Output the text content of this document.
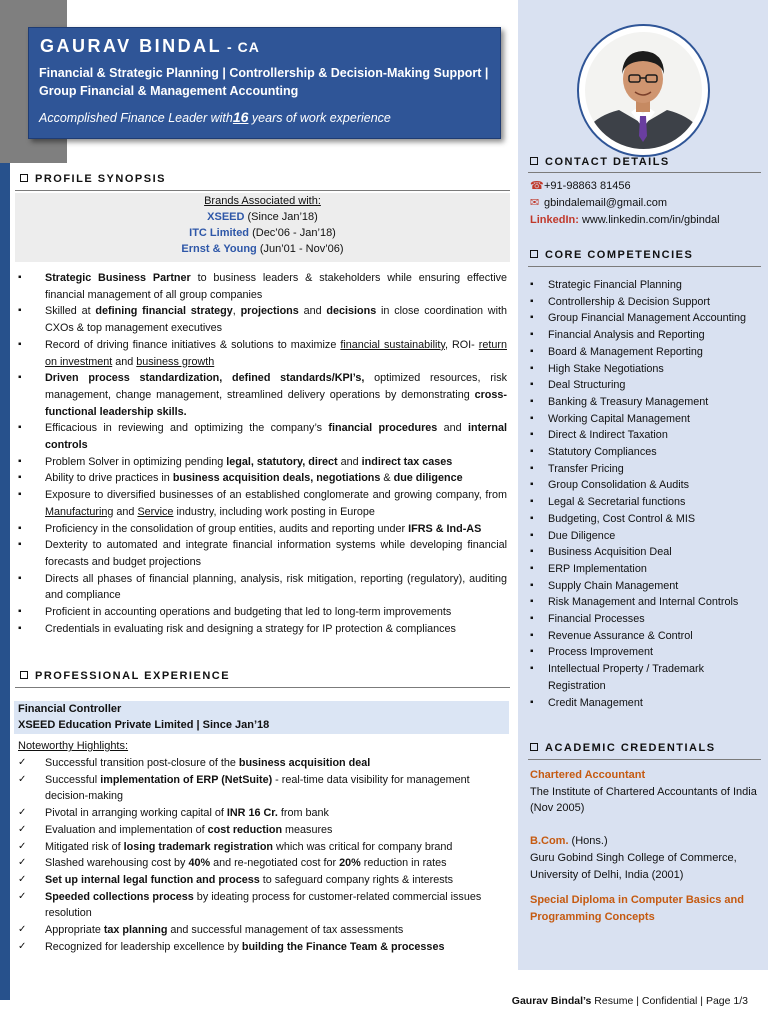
GAURAV BINDAL - CA
Financial & Strategic Planning | Controllership & Decision-Making Support | Group Financial & Management Accounting
Accomplished Finance Leader with16 years of work experience
PROFILE SYNOPSIS
Brands Associated with:
XSEED (Since Jan’18)
ITC Limited (Dec’06 - Jan’18)
Ernst & Young (Jun’01 - Nov’06)
▪ Strategic Business Partner to business leaders & stakeholders while ensuring effective financial management of all group companies
▪ Skilled at defining financial strategy, projections and decisions in close coordination with CXOs & top management executives
▪ Record of driving finance initiatives & solutions to maximize financial sustainability, ROI- return on investment and business growth
▪ Driven process standardization, defined standards/KPI’s, optimized resources, risk management, change management, streamlined delivery operations by demonstrating cross-functional leadership skills.
▪ Efficacious in reviewing and optimizing the company’s financial procedures and internal controls
▪ Problem Solver in optimizing pending legal, statutory, direct and indirect tax cases
▪ Ability to drive practices in business acquisition deals, negotiations & due diligence
▪ Exposure to diversified businesses of an established conglomerate and growing company, from Manufacturing and Service industry, including work posting in Europe
▪ Proficiency in the consolidation of group entities, audits and reporting under IFRS & Ind-AS
▪ Dexterity to automated and integrate financial information systems while developing financial forecasts and budget projections
▪ Directs all phases of financial planning, analysis, risk mitigation, reporting (regulatory), auditing and compliance
▪ Proficient in accounting operations and budgeting that led to long-term improvements
▪ Credentials in evaluating risk and designing a strategy for IP protection & compliances
PROFESSIONAL EXPERIENCE
Financial Controller
XSEED Education Private Limited | Since Jan’18
Noteworthy Highlights:
✓ Successful transition post-closure of the business acquisition deal
✓ Successful implementation of ERP (NetSuite) - real-time data visibility for management decision-making
✓ Pivotal in arranging working capital of INR 16 Cr. from bank
✓ Evaluation and implementation of cost reduction measures
✓ Mitigated risk of losing trademark registration which was critical for company brand
✓ Slashed warehousing cost by 40% and re-negotiated cost for 20% reduction in rates
✓ Set up internal legal function and process to safeguard company rights & interests
✓ Speeded collections process by ideating process for customer-related commercial issues resolution
✓ Appropriate tax planning and successful management of tax assessments
✓ Recognized for leadership excellence by building the Finance Team & processes
CONTACT DETAILS
☎+91-98863 81456
✉ gbindalemail@gmail.com
LinkedIn: www.linkedin.com/in/gbindal
CORE COMPETENCIES
▪ Strategic Financial Planning
▪ Controllership & Decision Support
▪ Group Financial Management Accounting
▪ Financial Analysis and Reporting
▪ Board & Management Reporting
▪ High Stake Negotiations
▪ Deal Structuring
▪ Banking & Treasury Management
▪ Working Capital Management
▪ Direct & Indirect Taxation
▪ Statutory Compliances
▪ Transfer Pricing
▪ Group Consolidation & Audits
▪ Legal & Secretarial functions
▪ Budgeting, Cost Control & MIS
▪ Due Diligence
▪ Business Acquisition Deal
▪ ERP Implementation
▪ Supply Chain Management
▪ Risk Management and Internal Controls
▪ Financial Processes
▪ Revenue Assurance & Control
▪ Process Improvement
▪ Intellectual Property / Trademark Registration
▪ Credit Management
ACADEMIC CREDENTIALS

Chartered Accountant

The Institute of Chartered Accountants of India (Nov 2005)

B.Com. (Hons.)

Guru Gobind Singh College of Commerce, University of Delhi, India (2001)

Special Diploma in Computer Basics and Programming Concepts

Gaurav Bindal’s Resume | Confidential | Page 1/3
